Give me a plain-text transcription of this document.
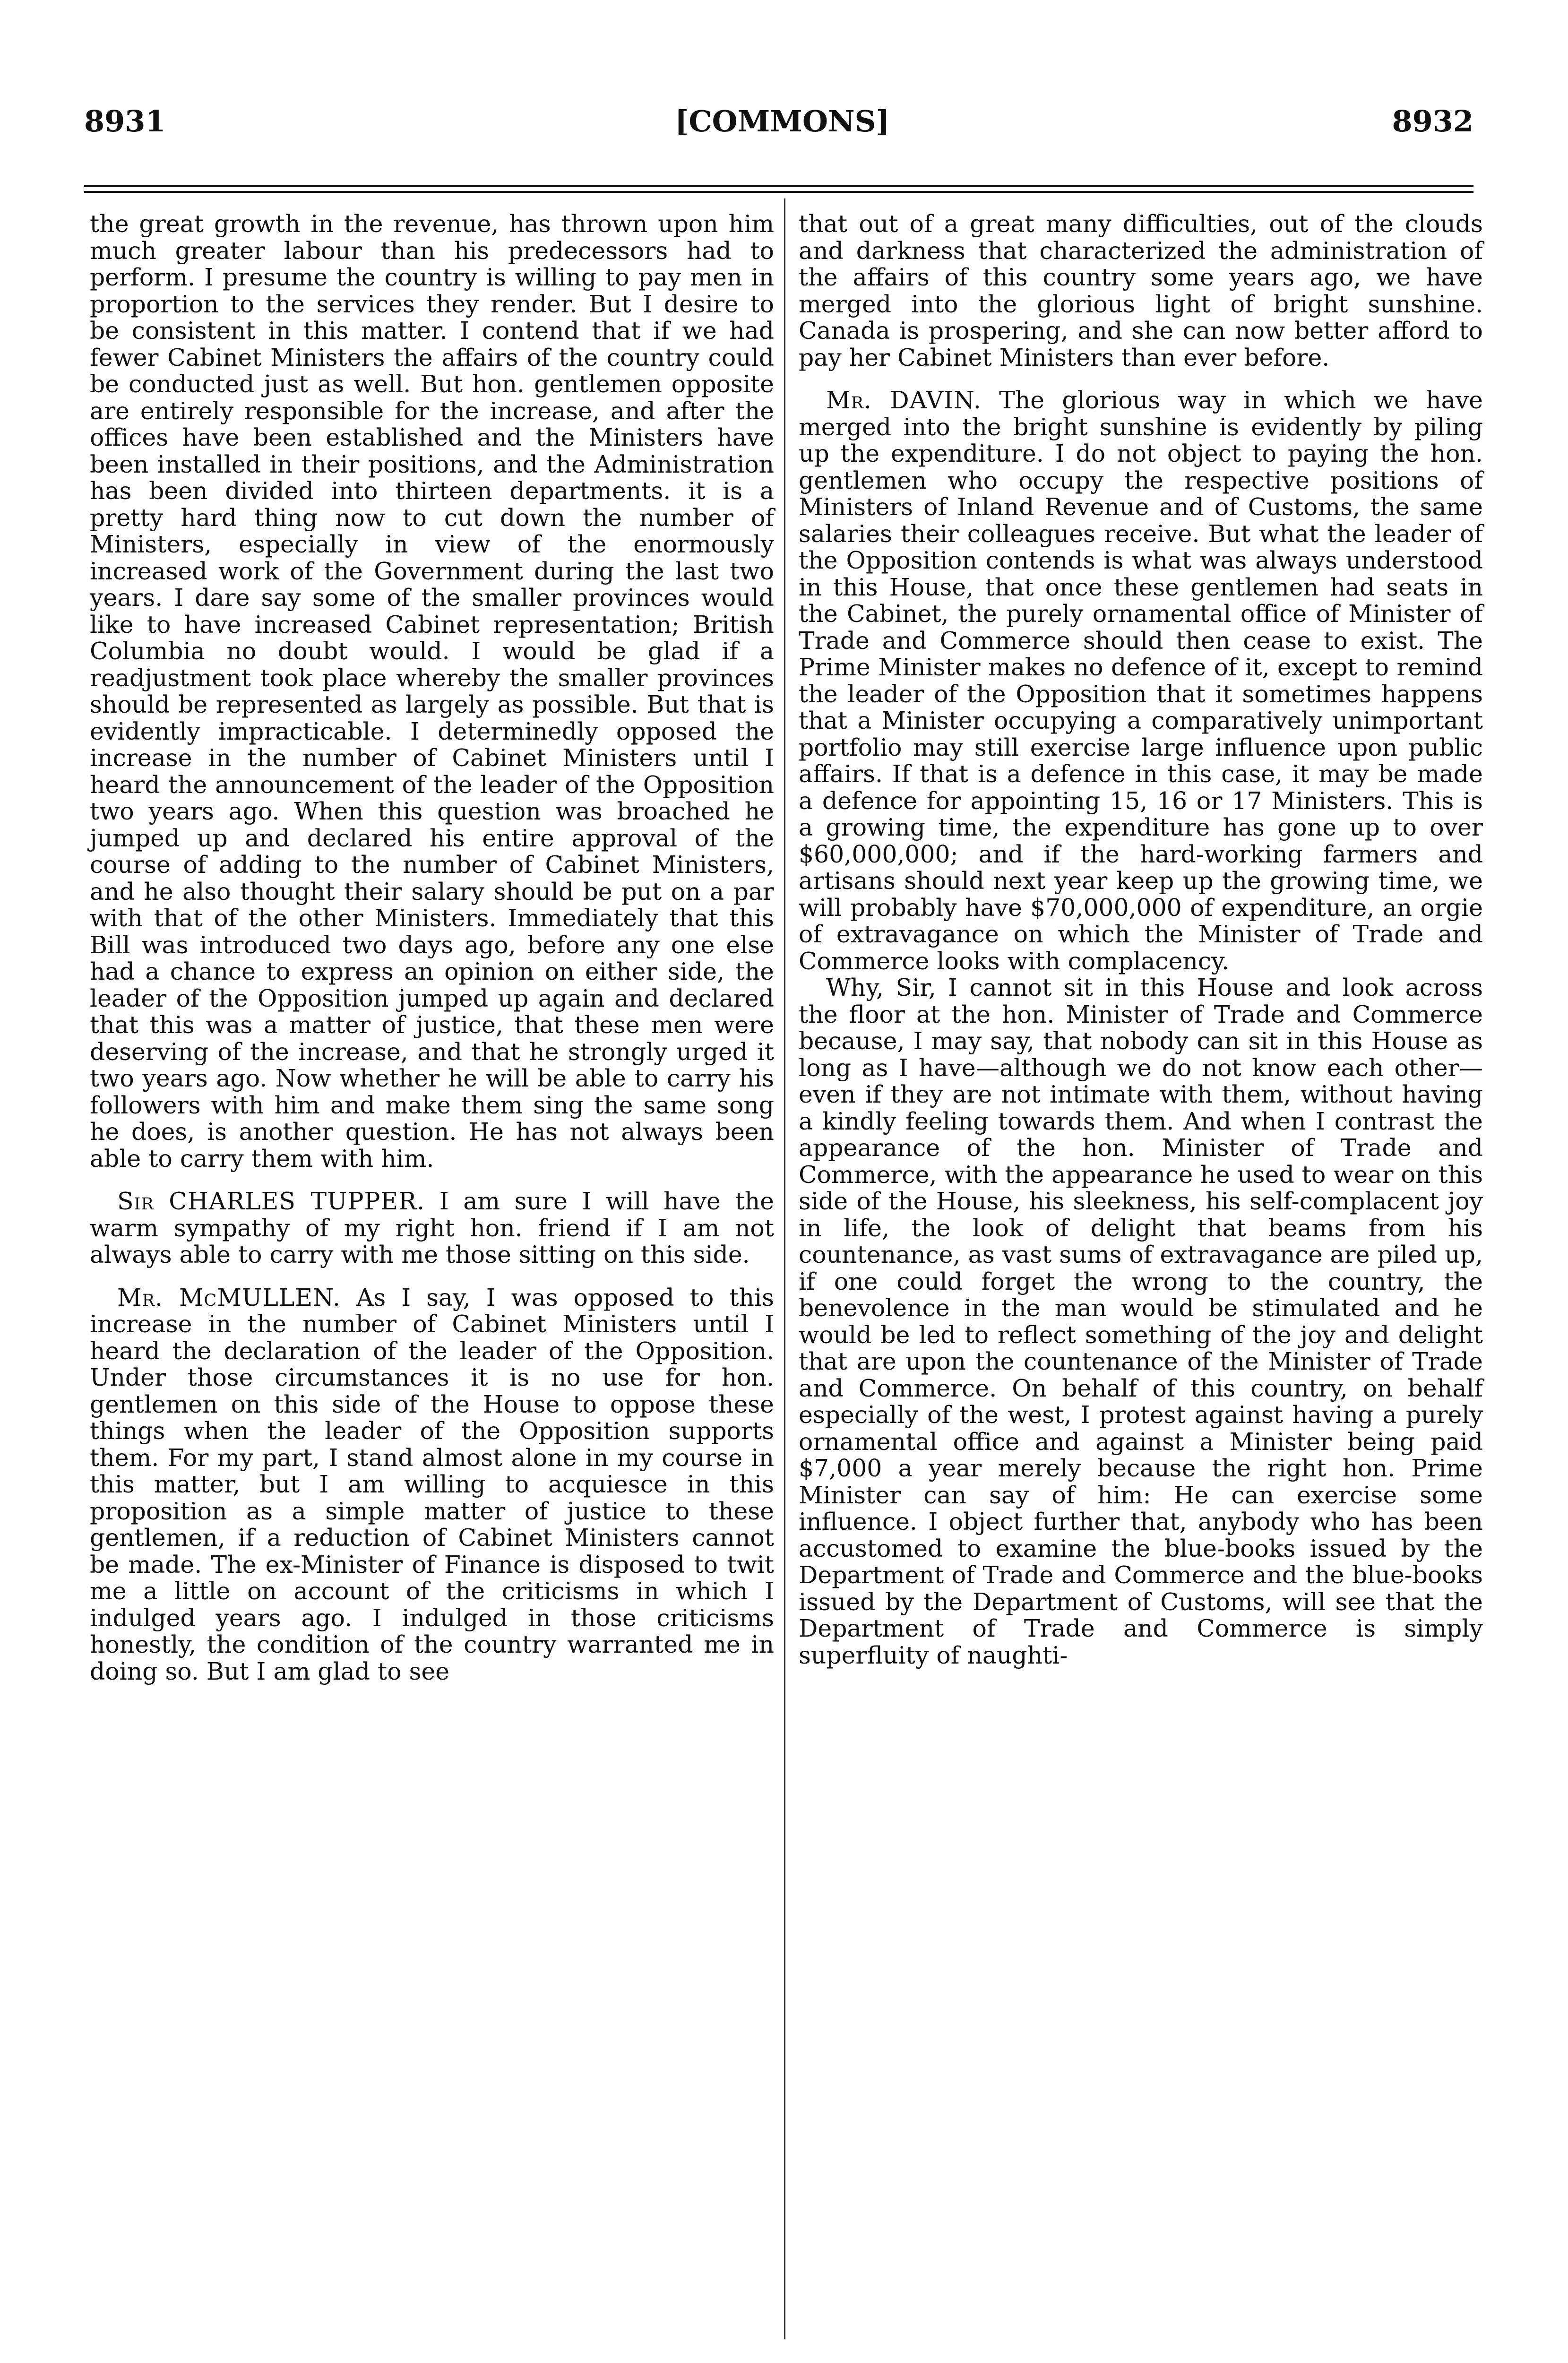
8931	[COMMONS]	8932

the great growth in the revenue, has thrown upon him much greater labour than his predecessors had to perform. I presume the country is willing to pay men in proportion to the services they render. But I desire to be consistent in this matter. I contend that if we had fewer Cabinet Ministers the affairs of the country could be conducted just as well. But hon. gentlemen opposite are entirely responsible for the increase, and after the offices have been established and the Ministers have been installed in their positions, and the Administration has been divided into thirteen departments. it is a pretty hard thing now to cut down the number of Ministers, especially in view of the enormously increased work of the Government during the last two years. I dare say some of the smaller provinces would like to have increased Cabinet representation; British Columbia no doubt would. I would be glad if a readjustment took place whereby the smaller provinces should be represented as largely as possible. But that is evidently impracticable. I determinedly opposed the increase in the number of Cabinet Ministers until I heard the announcement of the leader of the Opposition two years ago. When this question was broached he jumped up and declared his entire approval of the course of adding to the number of Cabinet Ministers, and he also thought their salary should be put on a par with that of the other Ministers. Immediately that this Bill was introduced two days ago, before any one else had a chance to express an opinion on either side, the leader of the Opposition jumped up again and declared that this was a matter of justice, that these men were deserving of the increase, and that he strongly urged it two years ago. Now whether he will be able to carry his followers with him and make them sing the same song he does, is another question. He has not always been able to carry them with him.

Sir CHARLES TUPPER. I am sure I will have the warm sympathy of my right hon. friend if I am not always able to carry with me those sitting on this side.

Mr. McMULLEN. As I say, I was opposed to this increase in the number of Cabinet Ministers until I heard the declaration of the leader of the Opposition. Under those circumstances it is no use for hon. gentlemen on this side of the House to oppose these things when the leader of the Opposition supports them. For my part, I stand almost alone in my course in this matter, but I am willing to acquiesce in this proposition as a simple matter of justice to these gentlemen, if a reduction of Cabinet Ministers cannot be made. The ex-Minister of Finance is disposed to twit me a little on account of the criticisms in which I indulged years ago. I indulged in those criticisms honestly, the condition of the country warranted me in doing so. But I am glad to see

that out of a great many difficulties, out of the clouds and darkness that characterized the administration of the affairs of this country some years ago, we have merged into the glorious light of bright sunshine. Canada is prospering, and she can now better afford to pay her Cabinet Ministers than ever before.

Mr. DAVIN. The glorious way in which we have merged into the bright sunshine is evidently by piling up the expenditure. I do not object to paying the hon. gentlemen who occupy the respective positions of Ministers of Inland Revenue and of Customs, the same salaries their colleagues receive. But what the leader of the Opposition contends is what was always understood in this House, that once these gentlemen had seats in the Cabinet, the purely ornamental office of Minister of Trade and Commerce should then cease to exist. The Prime Minister makes no defence of it, except to remind the leader of the Opposition that it sometimes happens that a Minister occupying a comparatively unimportant portfolio may still exercise large influence upon public affairs. If that is a defence in this case, it may be made a defence for appointing 15, 16 or 17 Ministers. This is a growing time, the expenditure has gone up to over $60,000,000; and if the hard-working farmers and artisans should next year keep up the growing time, we will probably have $70,000,000 of expenditure, an orgie of extravagance on which the Minister of Trade and Commerce looks with complacency.

Why, Sir, I cannot sit in this House and look across the floor at the hon. Minister of Trade and Commerce because, I may say, that nobody can sit in this House as long as I have—although we do not know each other—even if they are not intimate with them, without having a kindly feeling towards them. And when I contrast the appearance of the hon. Minister of Trade and Commerce, with the appearance he used to wear on this side of the House, his sleekness, his self-complacent joy in life, the look of delight that beams from his countenance, as vast sums of extravagance are piled up, if one could forget the wrong to the country, the benevolence in the man would be stimulated and he would be led to reflect something of the joy and delight that are upon the countenance of the Minister of Trade and Commerce. On behalf of this country, on behalf especially of the west, I protest against having a purely ornamental office and against a Minister being paid $7,000 a year merely because the right hon. Prime Minister can say of him: He can exercise some influence. I object further that, anybody who has been accustomed to examine the blue-books issued by the Department of Trade and Commerce and the blue-books issued by the Department of Customs, will see that the Department of Trade and Commerce is simply superfluity of naughti-
